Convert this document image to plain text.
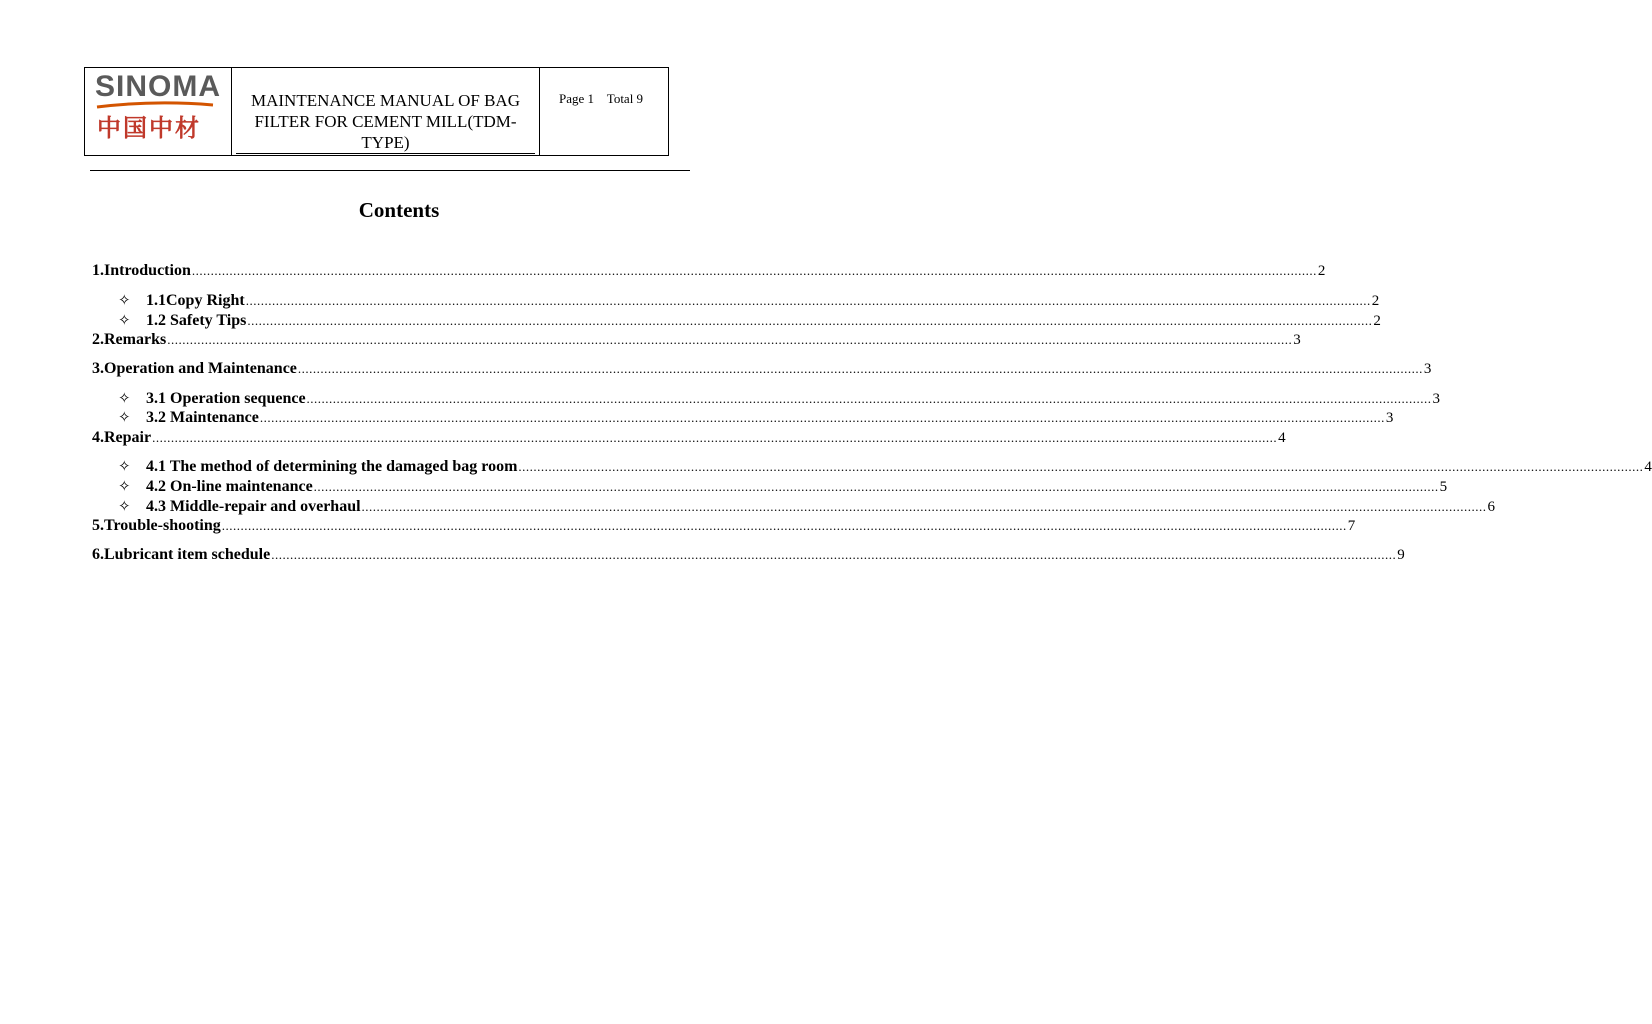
SINOMA
中国中材
MAINTENANCE MANUAL OF BAG FILTER FOR CEMENT MILL(TDM-TYPE)
Page 1    Total 9
Contents
1. Introduction ............................................................................................................................................................................................................................................................................................................ 2
✧ 1.1Copy Right ............................................................................................................................................................................................................................................................................................................ 2
✧ 1.2 Safety Tips ............................................................................................................................................................................................................................................................................................................ 2
2. Remarks ............................................................................................................................................................................................................................................................................................................ 3
3. Operation and Maintenance ............................................................................................................................................................................................................................................................................................................ 3
✧ 3.1 Operation sequence ............................................................................................................................................................................................................................................................................................................ 3
✧ 3.2 Maintenance ............................................................................................................................................................................................................................................................................................................ 3
4. Repair ............................................................................................................................................................................................................................................................................................................ 4
✧ 4.1 The method of determining the damaged bag room ............................................................................................................................................................................................................................................................................................................ 4
✧ 4.2 On-line maintenance ............................................................................................................................................................................................................................................................................................................ 5
✧ 4.3 Middle-repair and overhaul ............................................................................................................................................................................................................................................................................................................ 6
5. Trouble-shooting ............................................................................................................................................................................................................................................................................................................ 7
6. Lubricant item schedule ............................................................................................................................................................................................................................................................................................................ 9
